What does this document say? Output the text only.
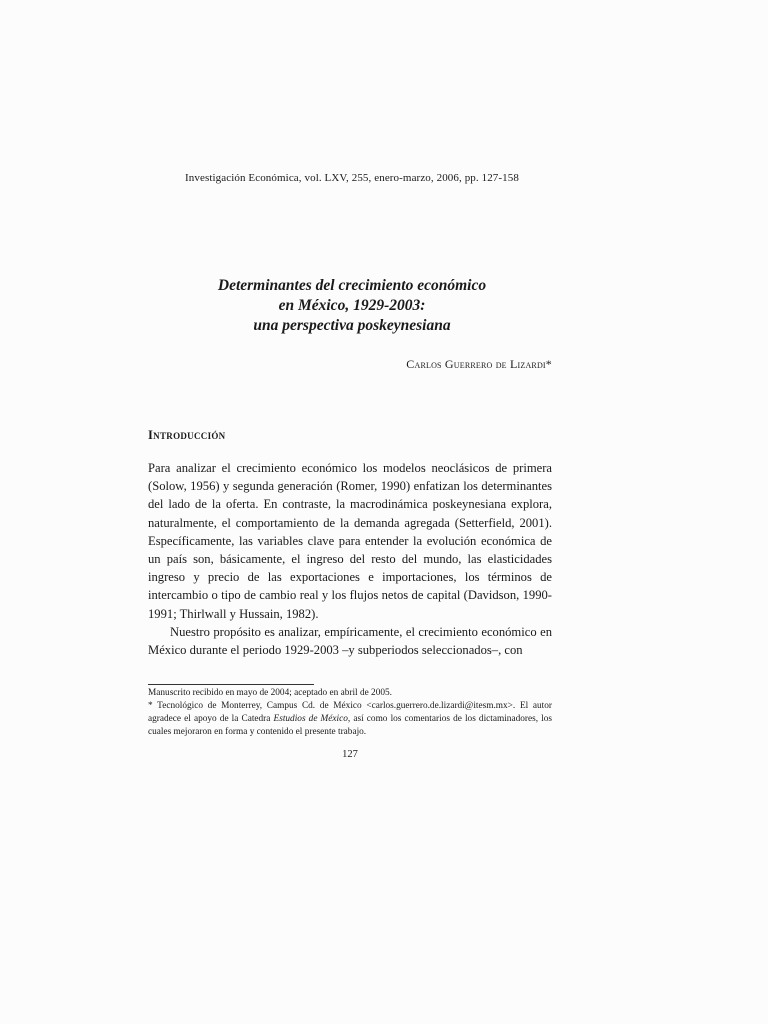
Investigación Económica, vol. LXV, 255, enero-marzo, 2006, pp. 127-158
Determinantes del crecimiento económico
en México, 1929-2003:
una perspectiva poskeynesiana
Carlos Guerrero de Lizardi*
Introducción

Para analizar el crecimiento económico los modelos neoclásicos de primera (Solow, 1956) y segunda generación (Romer, 1990) enfatizan los determinantes del lado de la oferta. En contraste, la macrodinámica poskeynesiana explora, naturalmente, el comportamiento de la demanda agregada (Setterfield, 2001). Específicamente, las variables clave para entender la evolución económica de un país son, básicamente, el ingreso del resto del mundo, las elasticidades ingreso y precio de las exportaciones e importaciones, los términos de intercambio o tipo de cambio real y los flujos netos de capital (Davidson, 1990-1991; Thirlwall y Hussain, 1982).

Nuestro propósito es analizar, empíricamente, el crecimiento económico en México durante el periodo 1929-2003 –y subperiodos seleccionados–, con

Manuscrito recibido en mayo de 2004; aceptado en abril de 2005.

* Tecnológico de Monterrey, Campus Cd. de México <carlos.guerrero.de.lizardi@itesm.mx>. El autor agradece el apoyo de la Catedra Estudios de México, así como los comentarios de los dictaminadores, los cuales mejoraron en forma y contenido el presente trabajo.

127
